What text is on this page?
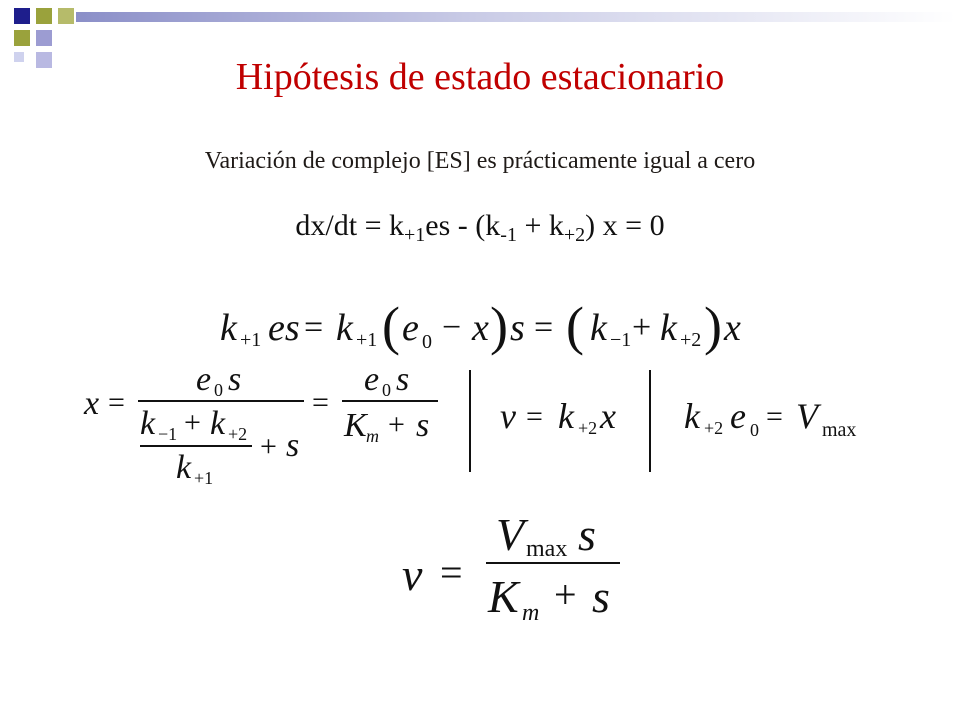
Hipótesis de estado estacionario
Variación de complejo [ES] es prácticamente igual a cero
$dx/dt = k_{+1}es - (k_{-1} + k_{+2}) x = 0$
k +1 es = k +1 ( e 0 − x ) s = ( k −1 + k +2 ) x
x =
e 0 s
k −1 + k +2
k +1
+ s
=
e 0 s
K m + s v = k +2 x k +2 e 0 = V max
v =
V max s
K m + s
